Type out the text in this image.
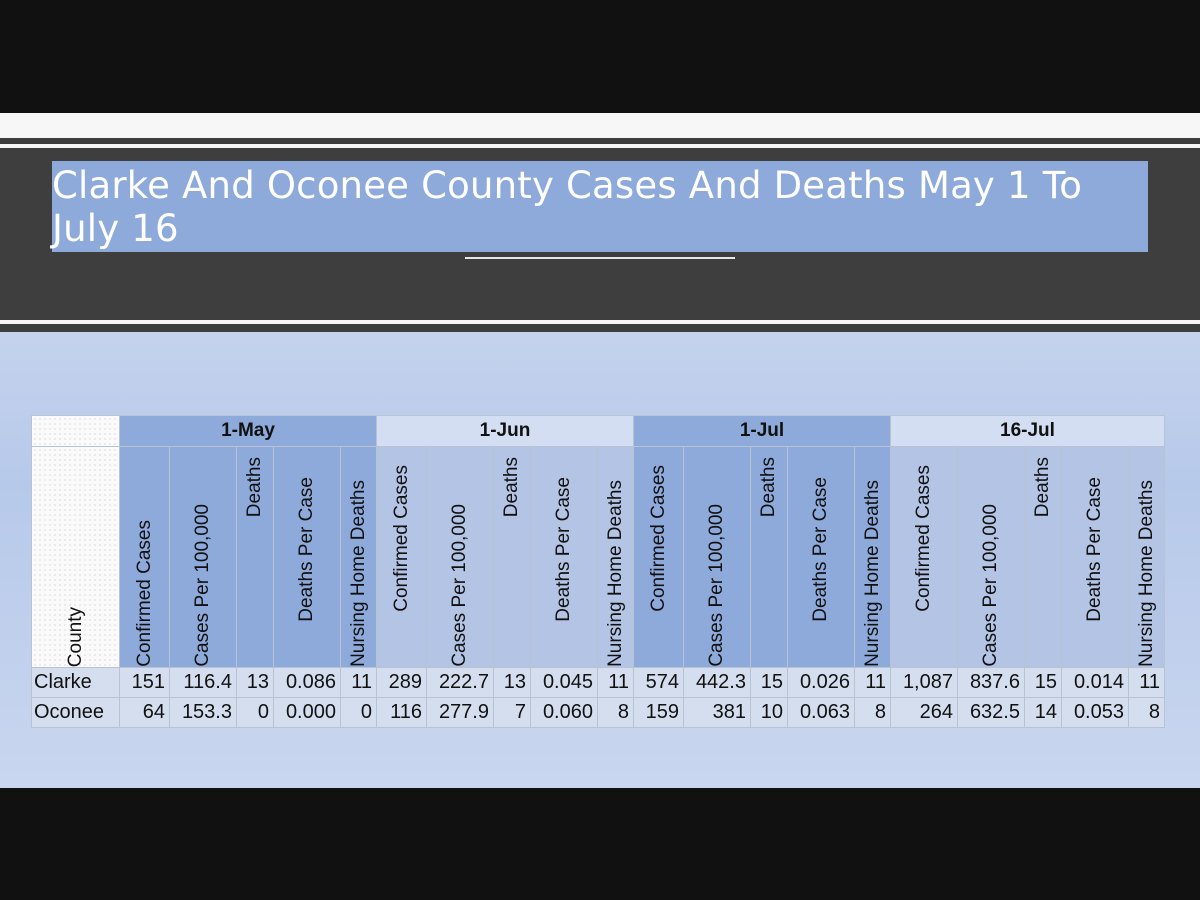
Clarke And Oconee County Cases And Deaths May 1 To July 16
	1-May					1-Jun					1-Jul					16-Jul				

County	Confirmed Cases	Cases Per 100,000	Deaths	Deaths Per Case	Nursing Home Deaths	Confirmed Cases	Cases Per 100,000	Deaths	Deaths Per Case	Nursing Home Deaths	Confirmed Cases	Cases Per 100,000	Deaths	Deaths Per Case	Nursing Home Deaths	Confirmed Cases	Cases Per 100,000	Deaths	Deaths Per Case	Nursing Home Deaths

Clarke	151	116.4	13	0.086	11	289	222.7	13	0.045	11	574	442.3	15	0.026	11	1,087	837.6	15	0.014	11
Oconee	64	153.3	0	0.000	0	116	277.9	7	0.060	8	159	381	10	0.063	8	264	632.5	14	0.053	8
